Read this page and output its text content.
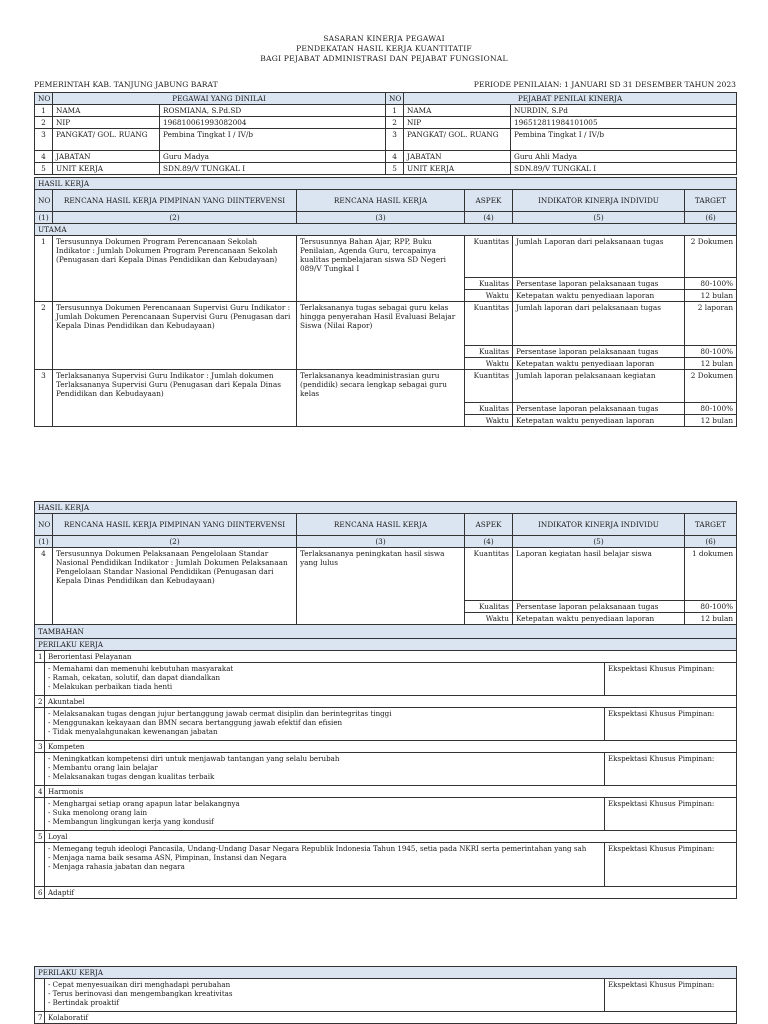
SASARAN KINERJA PEGAWAI
PENDEKATAN HASIL KERJA KUANTITATIF
BAGI PEJABAT ADMINISTRASI DAN PEJABAT FUNGSIONAL
PEMERINTAH KAB. TANJUNG JABUNG BARAT	PERIODE PENILAIAN: 1 JANUARI SD 31 DESEMBER TAHUN 2023
NO	PEGAWAI YANG DINILAI		NO	PEJABAT PENILAI KINERJA	
1	NAMA	ROSMIANA, S.Pd.SD	1	NAMA	NURDIN, S.Pd
2	NIP	196810061993082004	2	NIP	196512811984101005
3	PANGKAT/ GOL. RUANG	Pembina Tingkat I / IV/b	3	PANGKAT/ GOL. RUANG	Pembina Tingkat I / IV/b
4	JABATAN	Guru Madya	4	JABATAN	Guru Ahli Madya
5	UNIT KERJA	SDN.89/V TUNGKAL I	5	UNIT KERJA	SDN.89/V TUNGKAL I
HASIL KERJA					
NO	RENCANA HASIL KERJA PIMPINAN YANG DIINTERVENSI	RENCANA HASIL KERJA	ASPEK	INDIKATOR KINERJA INDIVIDU	TARGET
(1)	(2)	(3)	(4)	(5)	(6)
UTAMA					
1	Tersusunnya Dokumen Program Perencanaan Sekolah Indikator : Jumlah Dokumen Program Perencanaan Sekolah (Penugasan dari Kepala Dinas Pendidikan dan Kebudayaan)	Tersusunnya Bahan Ajar, RPP, Buku Penilaian, Agenda Guru, tercapainya kualitas pembelajaran siswa SD Negeri 089/V Tungkal I	Kuantitas	Jumlah Laporan dari pelaksanaan tugas	2 Dokumen
			Kualitas	Persentase laporan pelaksanaan tugas	80-100%
			Waktu	Ketepatan waktu penyediaan laporan	12 bulan
2	Tersusunnya Dokumen Perencanaan Supervisi Guru Indikator : Jumlah Dokumen Perencanaan Supervisi Guru (Penugasan dari Kepala Dinas Pendidikan dan Kebudayaan)	Terlaksananya tugas sebagai guru kelas hingga penyerahan Hasil Evaluasi Belajar Siswa (Nilai Rapor)	Kuantitas	Jumlah laporan dari pelaksanaan tugas	2 laporan
			Kualitas	Persentase laporan pelaksanaan tugas	80-100%
			Waktu	Ketepatan waktu penyediaan laporan	12 bulan
3	Terlaksananya Supervisi Guru Indikator : Jumlah dokumen Terlaksananya Supervisi Guru (Penugasan dari Kepala Dinas Pendidikan dan Kebudayaan)	Terlaksananya keadministrasian guru (pendidik) secara lengkap sebagai guru kelas	Kuantitas	Jumlah laporan pelaksanaan kegiatan	2 Dokumen
			Kualitas	Persentase laporan pelaksanaan tugas	80-100%
			Waktu	Ketepatan waktu penyediaan laporan	12 bulan
HASIL KERJA					
NO	RENCANA HASIL KERJA PIMPINAN YANG DIINTERVENSI	RENCANA HASIL KERJA	ASPEK	INDIKATOR KINERJA INDIVIDU	TARGET
(1)	(2)	(3)	(4)	(5)	(6)
4	Tersusunnya Dokumen Pelaksanaan Pengelolaan Standar Nasional Pendidikan Indikator : Jumlah Dokumen Pelaksanaan Pengelolaan Standar Nasional Pendidikan (Penugasan dari Kepala Dinas Pendidikan dan Kebudayaan)	Terlaksananya peningkatan hasil siswa yang lulus	Kuantitas	Laporan kegiatan hasil belajar siswa	1 dokumen
			Kualitas	Persentase laporan pelaksanaan tugas	80-100%
			Waktu	Ketepatan waktu penyediaan laporan	12 bulan
TAMBAHAN					
PERILAKU KERJA		
1	Berorientasi Pelayanan	

	- Memahami dan memenuhi kebutuhan masyarakat
- Ramah, cekatan, solutif, dan dapat diandalkan
- Melakukan perbaikan tiada henti	Ekspektasi Khusus Pimpinan:
2	Akuntabel	

	- Melaksanakan tugas dengan jujur bertanggung jawab cermat disiplin dan berintegritas tinggi
- Menggunakan kekayaan dan BMN secara bertanggung jawab efektif dan efisien
- Tidak menyalahgunakan kewenangan jabatan	Ekspektasi Khusus Pimpinan:
3	Kompeten	

	- Meningkatkan kompetensi diri untuk menjawab tantangan yang selalu berubah
- Membantu orang lain belajar
- Melaksanakan tugas dengan kualitas terbaik	Ekspektasi Khusus Pimpinan:
4	Harmonis	

	- Menghargai setiap orang apapun latar belakangnya
- Suka menolong orang lain
- Membangun lingkungan kerja yang kondusif	Ekspektasi Khusus Pimpinan:
5	Loyal	

	- Memegang teguh ideologi Pancasila, Undang-Undang Dasar Negara Republik Indonesia Tahun 1945, setia pada NKRI serta pemerintahan yang sah
- Menjaga nama baik sesama ASN, Pimpinan, Instansi dan Negara
- Menjaga rahasia jabatan dan negara	Ekspektasi Khusus Pimpinan:
6	Adaptif	
PERILAKU KERJA		

	- Cepat menyesuaikan diri menghadapi perubahan
- Terus berinovasi dan mengembangkan kreativitas
- Bertindak proaktif	Ekspektasi Khusus Pimpinan:
7	Kolaboratif	
